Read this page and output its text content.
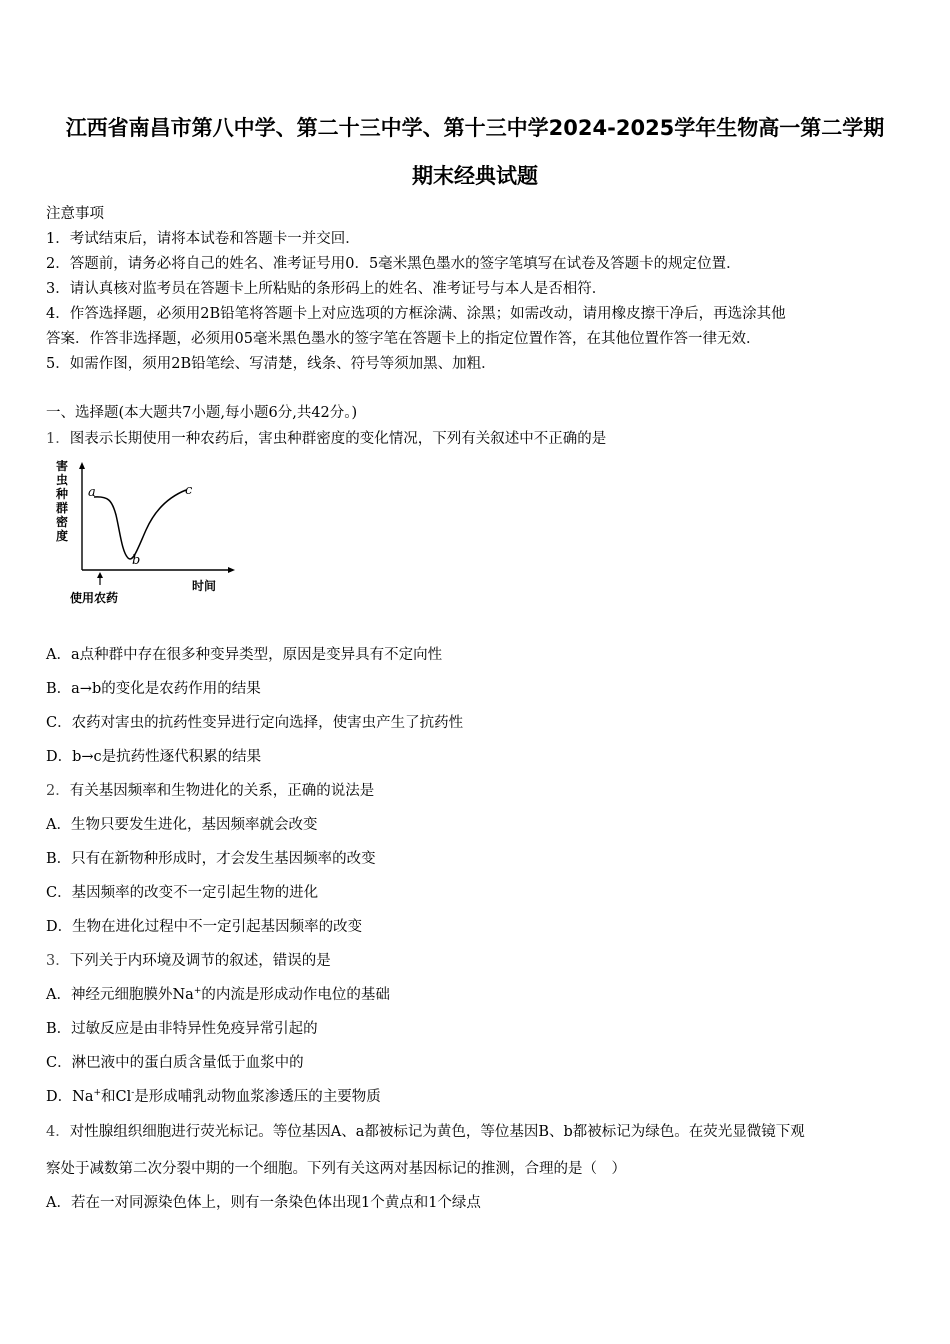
江西省南昌市第八中学、第二十三中学、第十三中学2024-2025学年生物高一第二学期
期末经典试题
注意事项
1．考试结束后，请将本试卷和答题卡一并交回．
2．答题前，请务必将自己的姓名、准考证号用0．5毫米黑色墨水的签字笔填写在试卷及答题卡的规定位置．
3．请认真核对监考员在答题卡上所粘贴的条形码上的姓名、准考证号与本人是否相符．
4．作答选择题，必须用2B铅笔将答题卡上对应选项的方框涂满、涂黑；如需改动，请用橡皮擦干净后，再选涂其他
答案．作答非选择题，必须用05毫米黑色墨水的签字笔在答题卡上的指定位置作答，在其他位置作答一律无效．
5．如需作图，须用2B铅笔绘、写清楚，线条、符号等须加黑、加粗．
一、选择题(本大题共7小题,每小题6分,共42分。)
1．图表示长期使用一种农药后，害虫种群密度的变化情况，下列有关叙述中不正确的是
害
虫
种
群
密
度
a
b
c
使用农药
时间
A．a点种群中存在很多种变异类型，原因是变异具有不定向性
B．a→b的变化是农药作用的结果
C．农药对害虫的抗药性变异进行定向选择，使害虫产生了抗药性
D．b→c是抗药性逐代积累的结果
2．有关基因频率和生物进化的关系，正确的说法是
A．生物只要发生进化，基因频率就会改变
B．只有在新物种形成时，才会发生基因频率的改变
C．基因频率的改变不一定引起生物的进化
D．生物在进化过程中不一定引起基因频率的改变
3．下列关于内环境及调节的叙述，错误的是
A．神经元细胞膜外Na+的内流是形成动作电位的基础
B．过敏反应是由非特异性免疫异常引起的
C．淋巴液中的蛋白质含量低于血浆中的
D．Na+和Cl-是形成哺乳动物血浆渗透压的主要物质
4．对性腺组织细胞进行荧光标记。等位基因A、a都被标记为黄色，等位基因B、b都被标记为绿色。在荧光显微镜下观
察处于减数第二次分裂中期的一个细胞。下列有关这两对基因标记的推测，合理的是（　）
A．若在一对同源染色体上，则有一条染色体出现1个黄点和1个绿点
